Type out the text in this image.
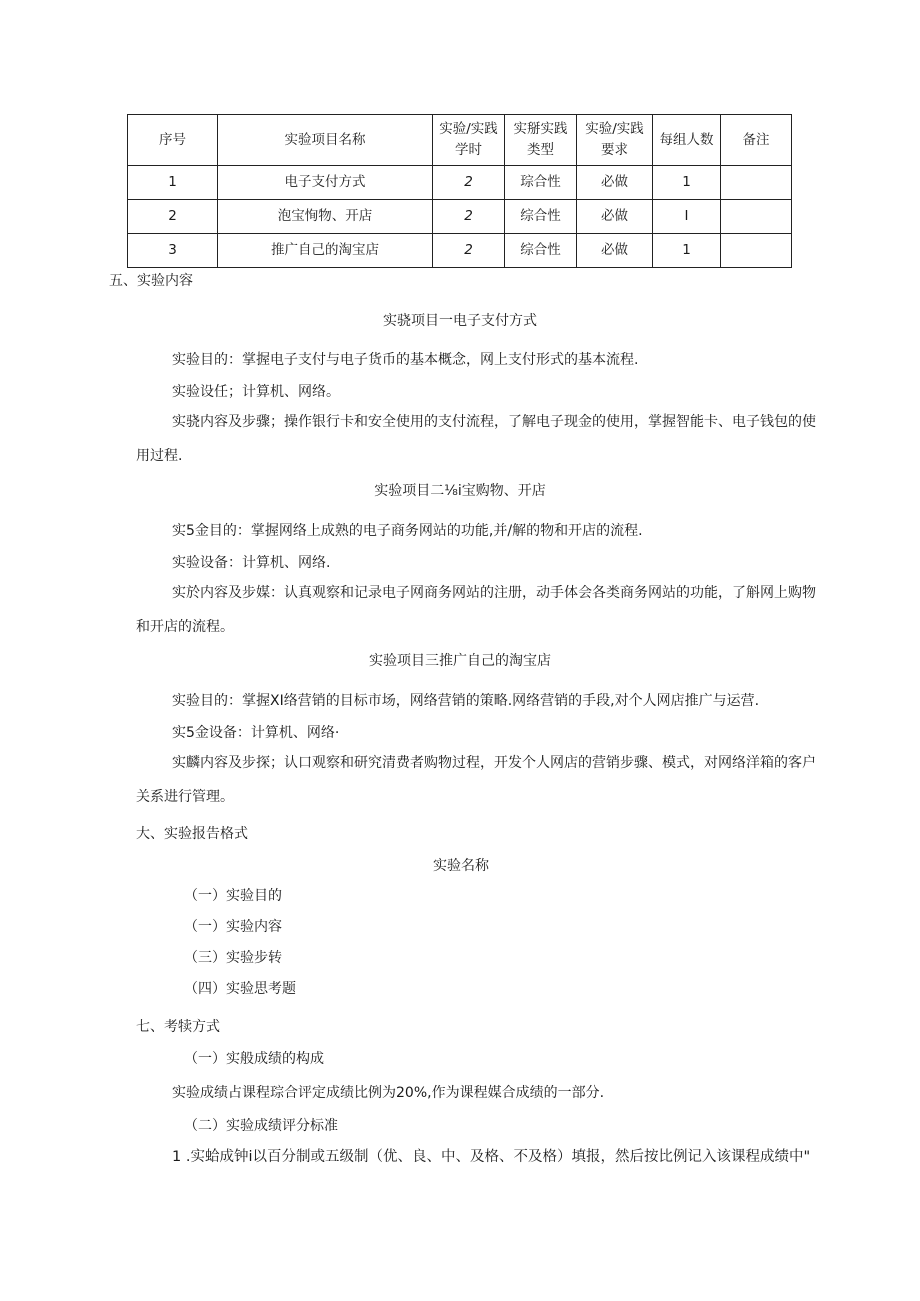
序号	实验项目名称	实验/实践学时	实掰实践类型	实验/实践要求	每组人数	备注
1	电子支付方式	2	琮合性	必做	1	
2	泡宝恂物、开店	2	综合性	必做	I	
3	推广自己的淘宝店	2	综合性	必做	1	
五、实验内容
实骁项目一电子支付方式
实验目的：掌握电子支付与电子货币的基本概念，网上支付形式的基本流程.
实验设任；计算机、网络。
实骁内容及步骤；操作银行卡和安全使用的支付流程，了解电子现金的使用，掌握智能卡、电子钱包的使用过程.
实验项目二⅛i宝购物、开店
实5金目的：掌握网络上成熟的电子商务网站的功能,并/解的物和开店的流程.
实验设备：计算机、网络.
实於内容及步媒：认真观察和记录电子网商务网站的注册，动手体会各类商务网站的功能，了斛网上购物和开店的流程。
实验项目三推广自己的淘宝店
实验目的：掌握XI络营销的目标市场，网络营销的策略.网络营销的手段,对个人网店推广与运营.
实5金设备：计算机、网络·
实麟内容及步探；认口观察和研究清费者购物过程，开发个人网店的营销步骤、模式，对网络洋箱的客户关系进行管理。
大、实验报告格式
实验名称
（一）实验目的
（一）实验内容
（三）实验步转
（四）实验思考题
七、考犊方式
（一）实般成绩的构成
实验成绩占课程琮合评定成绩比例为20%,作为课程媒合成绩的一部分.
（二）实验成绩评分标准
1 .实蛤成钟i以百分制或五级制（优、良、中、及格、不及格）填报，然后按比例记入该课程成绩中"
